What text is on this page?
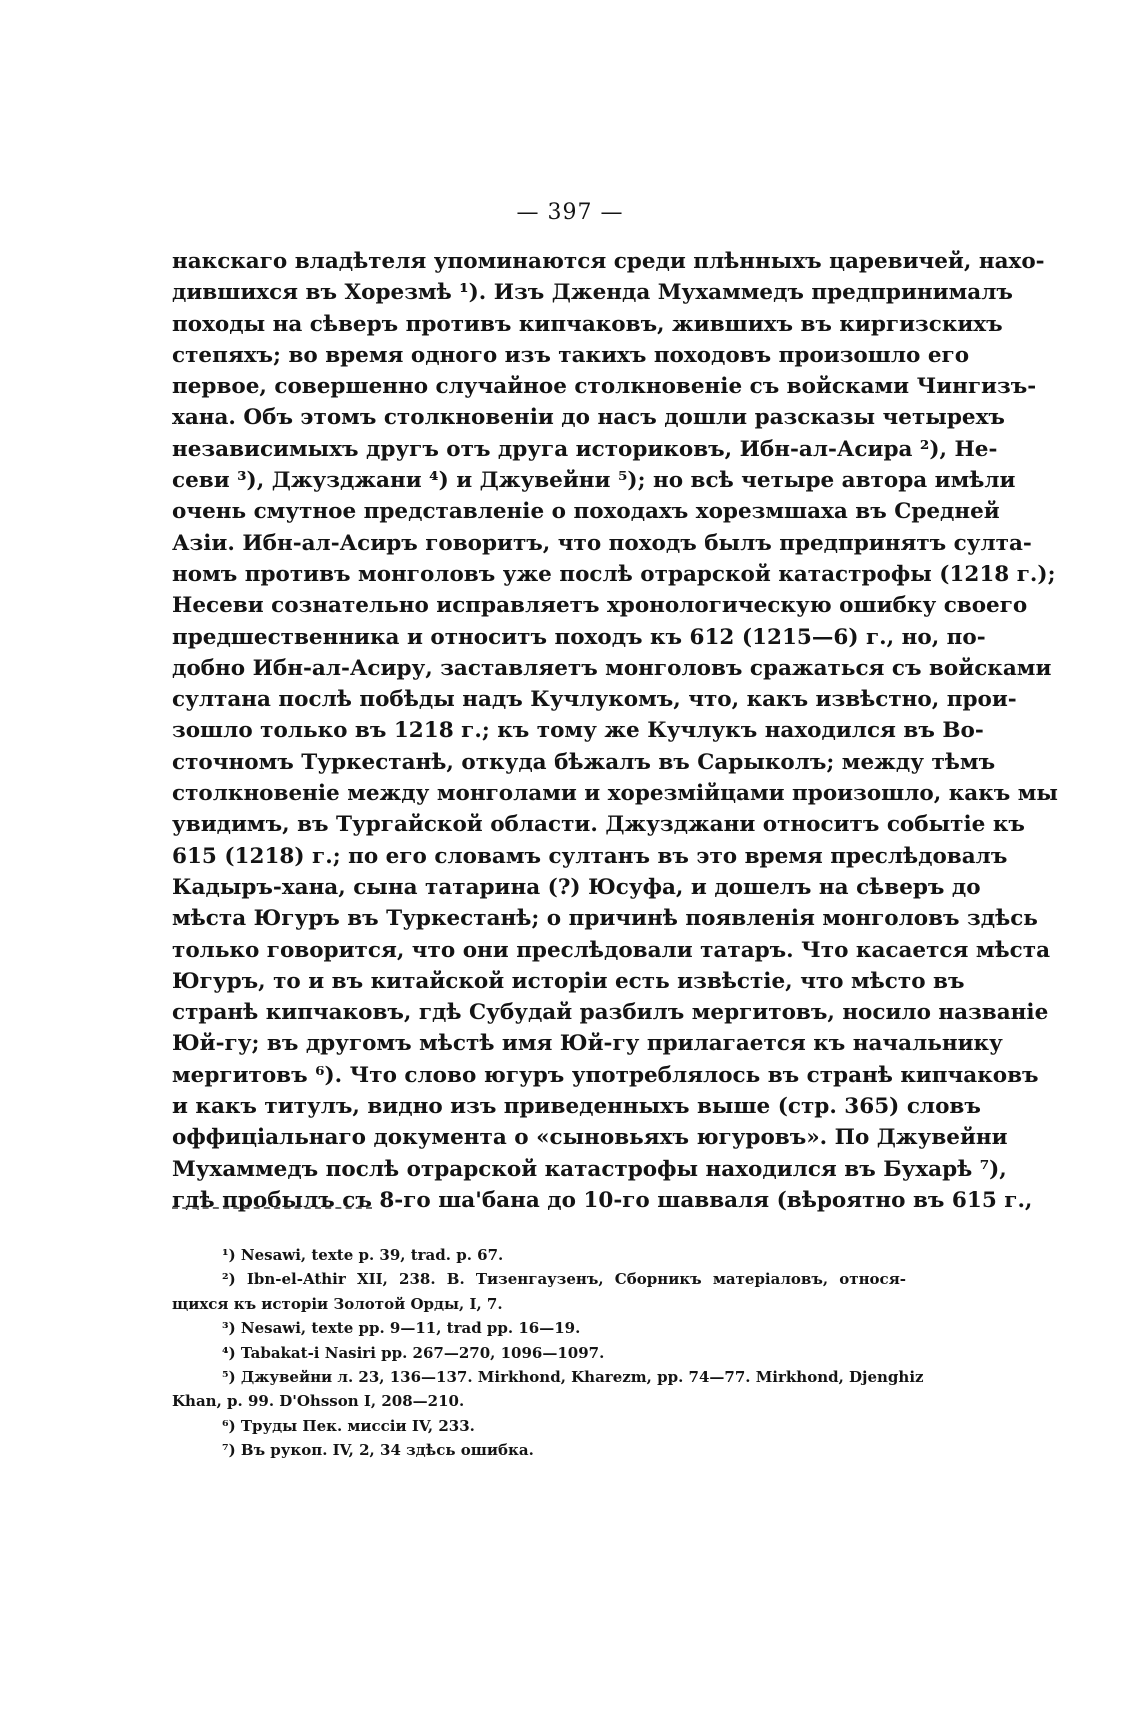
— 397 —
накскаго владѣтеля упоминаются среди плѣнныхъ царевичей, нахо-
дившихся въ Хорезмѣ ¹). Изъ Дженда Мухаммедъ предпринималъ
походы на сѣверъ противъ кипчаковъ, жившихъ въ киргизскихъ
степяхъ; во время одного изъ такихъ походовъ произошло его
первое, совершенно случайное столкновеніе съ войсками Чингизъ-
хана. Объ этомъ столкновеніи до насъ дошли разсказы четырехъ
независимыхъ другъ отъ друга историковъ, Ибн-ал-Асира ²), Не-
севи ³), Джузджани ⁴) и Джувейни ⁵); но всѣ четыре автора имѣли
очень смутное представленіе о походахъ хорезмшаха въ Средней
Азіи. Ибн-ал-Асиръ говоритъ, что походъ былъ предпринятъ султа-
номъ противъ монголовъ уже послѣ отрарской катастрофы (1218 г.);
Несеви сознательно исправляетъ хронологическую ошибку своего
предшественника и относитъ походъ къ 612 (1215—6) г., но, по-
добно Ибн-ал-Асиру, заставляетъ монголовъ сражаться съ войсками
султана послѣ побѣды надъ Кучлукомъ, что, какъ извѣстно, прои-
зошло только въ 1218 г.; къ тому же Кучлукъ находился въ Во-
сточномъ Туркестанѣ, откуда бѣжалъ въ Сарыколъ; между тѣмъ
столкновеніе между монголами и хорезмійцами произошло, какъ мы
увидимъ, въ Тургайской области. Джузджани относитъ событіе къ
615 (1218) г.; по его словамъ султанъ въ это время преслѣдовалъ
Кадыръ-хана, сына татарина (?) Юсуфа, и дошелъ на сѣверъ до
мѣста Югуръ въ Туркестанѣ; о причинѣ появленія монголовъ здѣсь
только говорится, что они преслѣдовали татаръ. Что касается мѣста
Югуръ, то и въ китайской исторіи есть извѣстіе, что мѣсто въ
странѣ кипчаковъ, гдѣ Субудай разбилъ мергитовъ, носило названіе
Юй-гу; въ другомъ мѣстѣ имя Юй-гу прилагается къ начальнику
мергитовъ ⁶). Что слово югуръ употреблялось въ странѣ кипчаковъ
и какъ титулъ, видно изъ приведенныхъ выше (стр. 365) словъ
оффиціальнаго документа о «сыновьяхъ югуровъ». По Джувейни
Мухаммедъ послѣ отрарской катастрофы находился въ Бухарѣ ⁷),
гдѣ пробылъ съ 8-го ша'бана до 10-го шавваля (вѣроятно въ 615 г.,
¹) Nesawi, texte p. 39, trad. p. 67.
²) Ibn-el-Athir XII, 238. В. Тизенгаузенъ, Сборникъ матеріаловъ, относя-
щихся къ исторіи Золотой Орды, I, 7.
³) Nesawi, texte pp. 9—11, trad pp. 16—19.
⁴) Tabakat-i Nasiri pp. 267—270, 1096—1097.
⁵) Джувейни л. 23, 136—137. Mirkhond, Kharezm, pp. 74—77. Mirkhond, Djenghiz
Khan, p. 99. D'Ohsson I, 208—210.
⁶) Труды Пек. миссіи IV, 233.
⁷) Въ рукоп. IV, 2, 34 здѣсь ошибка.
